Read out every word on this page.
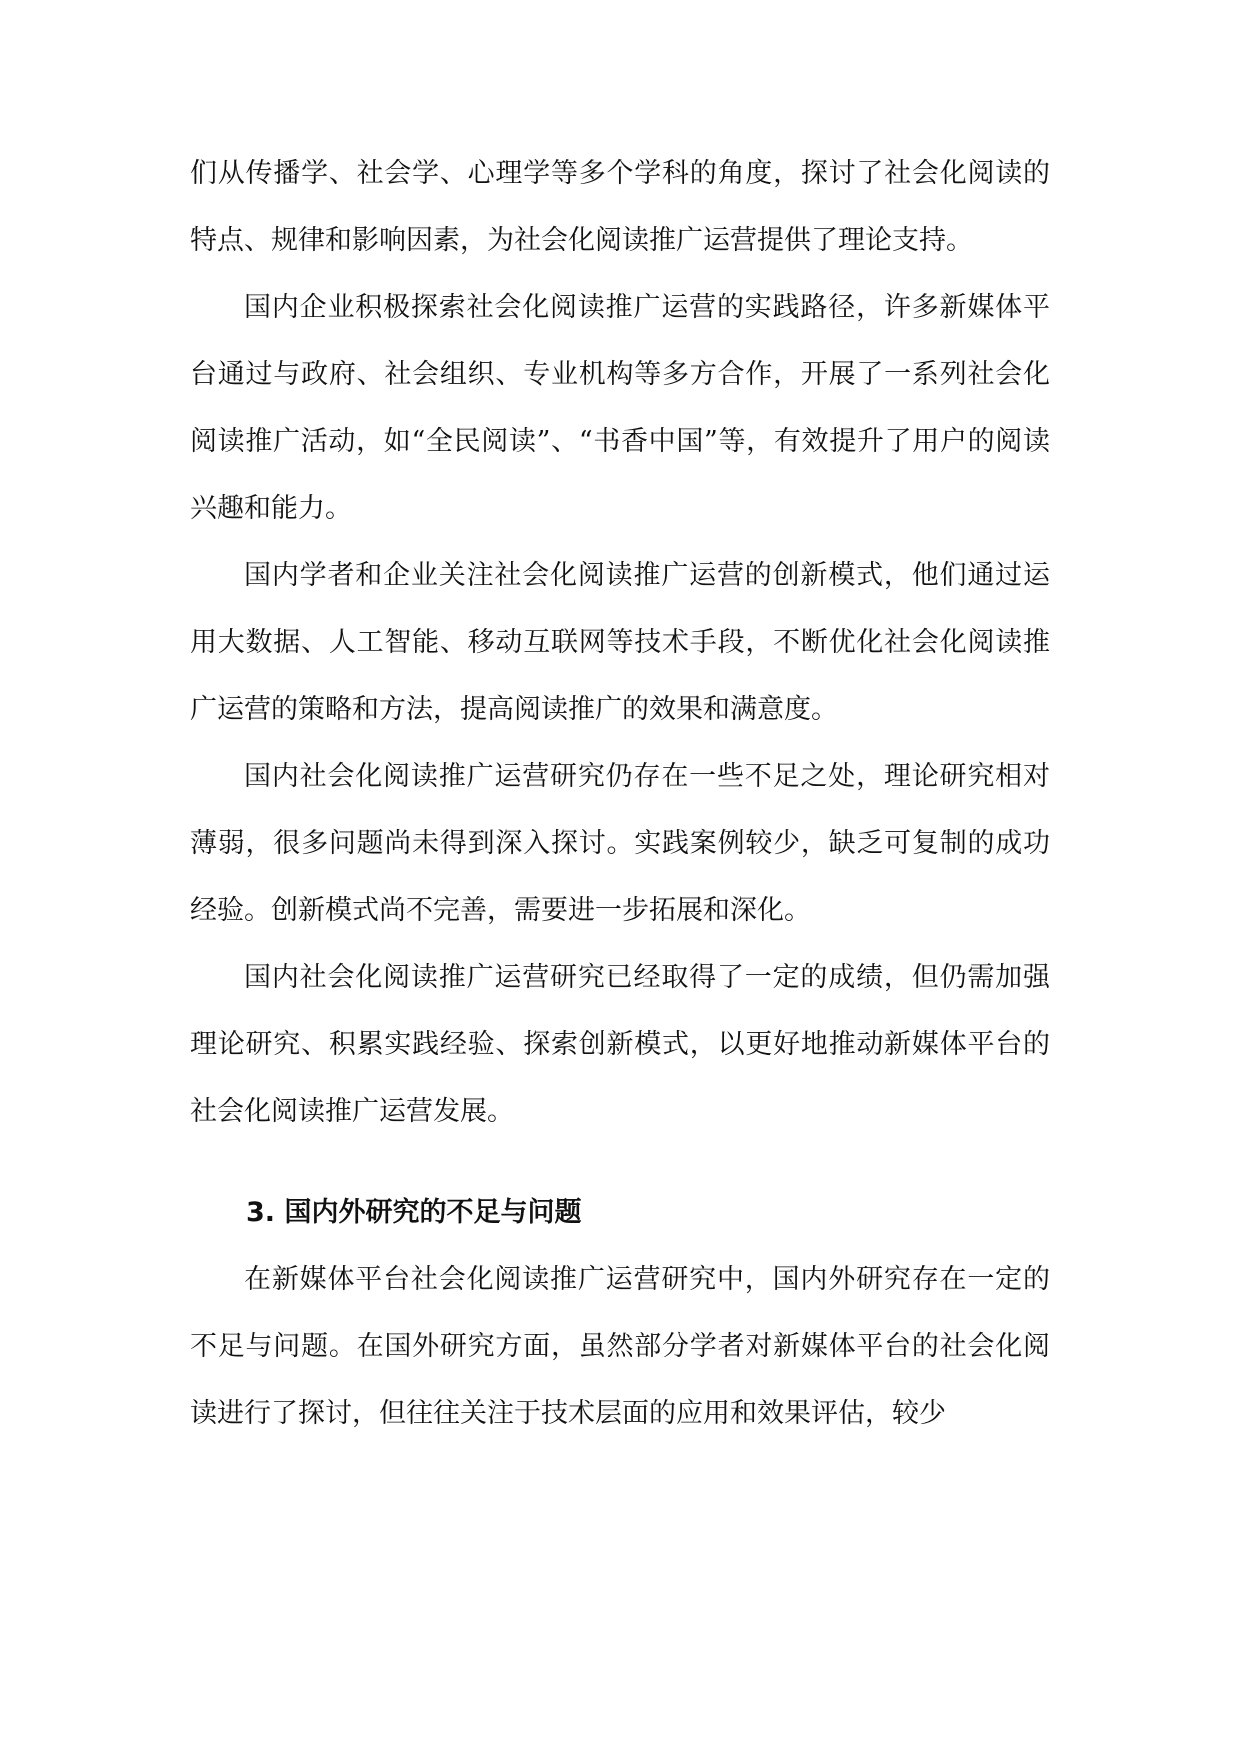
们从传播学、社会学、心理学等多个学科的角度，探讨了社会化阅读的特点、规律和影响因素，为社会化阅读推广运营提供了理论支持。

国内企业积极探索社会化阅读推广运营的实践路径，许多新媒体平台通过与政府、社会组织、专业机构等多方合作，开展了一系列社会化阅读推广活动，如“全民阅读”、“书香中国”等，有效提升了用户的阅读兴趣和能力。

国内学者和企业关注社会化阅读推广运营的创新模式，他们通过运用大数据、人工智能、移动互联网等技术手段，不断优化社会化阅读推广运营的策略和方法，提高阅读推广的效果和满意度。

国内社会化阅读推广运营研究仍存在一些不足之处，理论研究相对薄弱，很多问题尚未得到深入探讨。实践案例较少，缺乏可复制的成功经验。创新模式尚不完善，需要进一步拓展和深化。

国内社会化阅读推广运营研究已经取得了一定的成绩，但仍需加强理论研究、积累实践经验、探索创新模式，以更好地推动新媒体平台的社会化阅读推广运营发展。

3. 国内外研究的不足与问题

在新媒体平台社会化阅读推广运营研究中，国内外研究存在一定的不足与问题。在国外研究方面，虽然部分学者对新媒体平台的社会化阅读进行了探讨，但往往关注于技术层面的应用和效果评估，较少
